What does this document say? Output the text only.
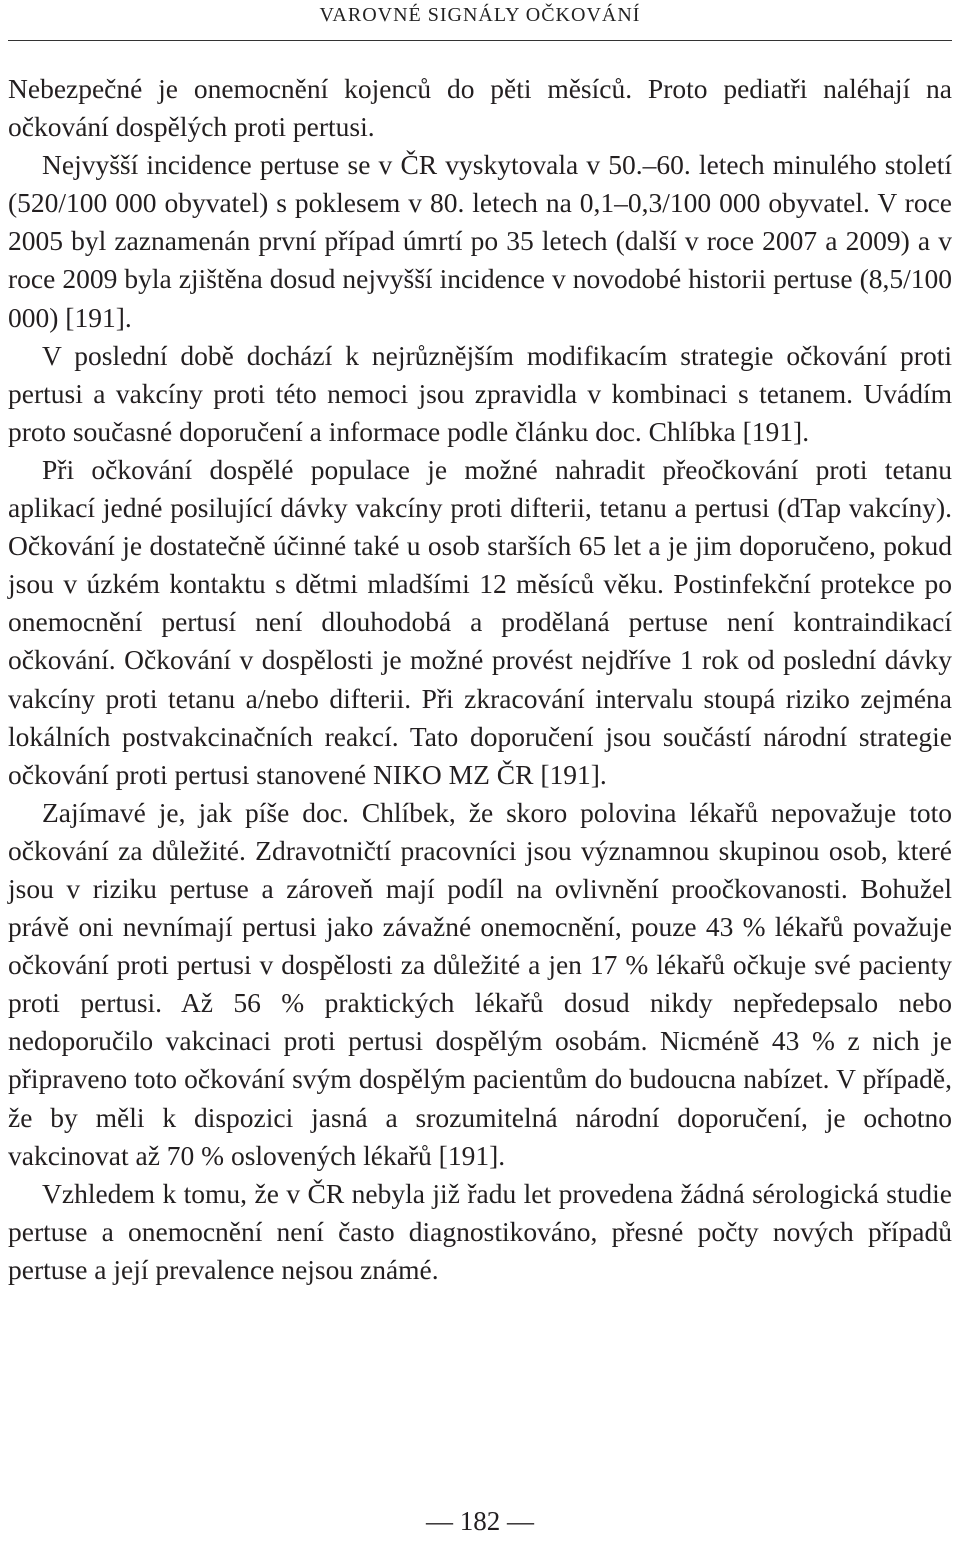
VAROVNÉ SIGNÁLY OČKOVÁNÍ

Nebezpečné je onemocnění kojenců do pěti měsíců. Proto pediatři naléhají na očkování dospělých proti pertusi.

Nejvyšší incidence pertuse se v ČR vyskytovala v 50.–60. letech minulého století (520/100 000 obyvatel) s poklesem v 80. letech na 0,1–0,3/100 000 obyvatel. V roce 2005 byl zaznamenán první případ úmrtí po 35 letech (další v roce 2007 a 2009) a v roce 2009 byla zjištěna dosud nejvyšší incidence v novodobé historii pertuse (8,5/100 000) [191].

V poslední době dochází k nejrůznějším modifikacím strategie očkování proti pertusi a vakcíny proti této nemoci jsou zpravidla v kombinaci s tetanem. Uvádím proto současné doporučení a informace podle článku doc. Chlíbka [191].

Při očkování dospělé populace je možné nahradit přeočkování proti tetanu aplikací jedné posilující dávky vakcíny proti difterii, tetanu a pertusi (dTap vakcíny). Očkování je dostatečně účinné také u osob starších 65 let a je jim doporučeno, pokud jsou v úzkém kontaktu s dětmi mladšími 12 měsíců věku. Postinfekční protekce po onemocnění pertusí není dlouhodobá a prodělaná pertuse není kontraindikací očkování. Očkování v dospělosti je možné provést nejdříve 1 rok od poslední dávky vakcíny proti tetanu a/nebo difterii. Při zkracování intervalu stoupá riziko zejména lokálních postvakcinačních reakcí. Tato doporučení jsou součástí národní strategie očkování proti pertusi stanovené NIKO MZ ČR [191].

Zajímavé je, jak píše doc. Chlíbek, že skoro polovina lékařů nepovažuje toto očkování za důležité. Zdravotničtí pracovníci jsou významnou skupinou osob, které jsou v riziku pertuse a zároveň mají podíl na ovlivnění proočkovanosti. Bohužel právě oni nevnímají pertusi jako závažné onemocnění, pouze 43 % lékařů považuje očkování proti pertusi v dospělosti za důležité a jen 17 % lékařů očkuje své pacienty proti pertusi. Až 56 % praktických lékařů dosud nikdy nepředepsalo nebo nedoporučilo vakcinaci proti pertusi dospělým osobám. Nicméně 43 % z nich je připraveno toto očkování svým dospělým pacientům do budoucna nabízet. V případě, že by měli k dispozici jasná a srozumitelná národní doporučení, je ochotno vakcinovat až 70 % oslovených lékařů [191].

Vzhledem k tomu, že v ČR nebyla již řadu let provedena žádná sérologická studie pertuse a onemocnění není často diagnostikováno, přesné počty nových případů pertuse a její prevalence nejsou známé.

— 182 —
